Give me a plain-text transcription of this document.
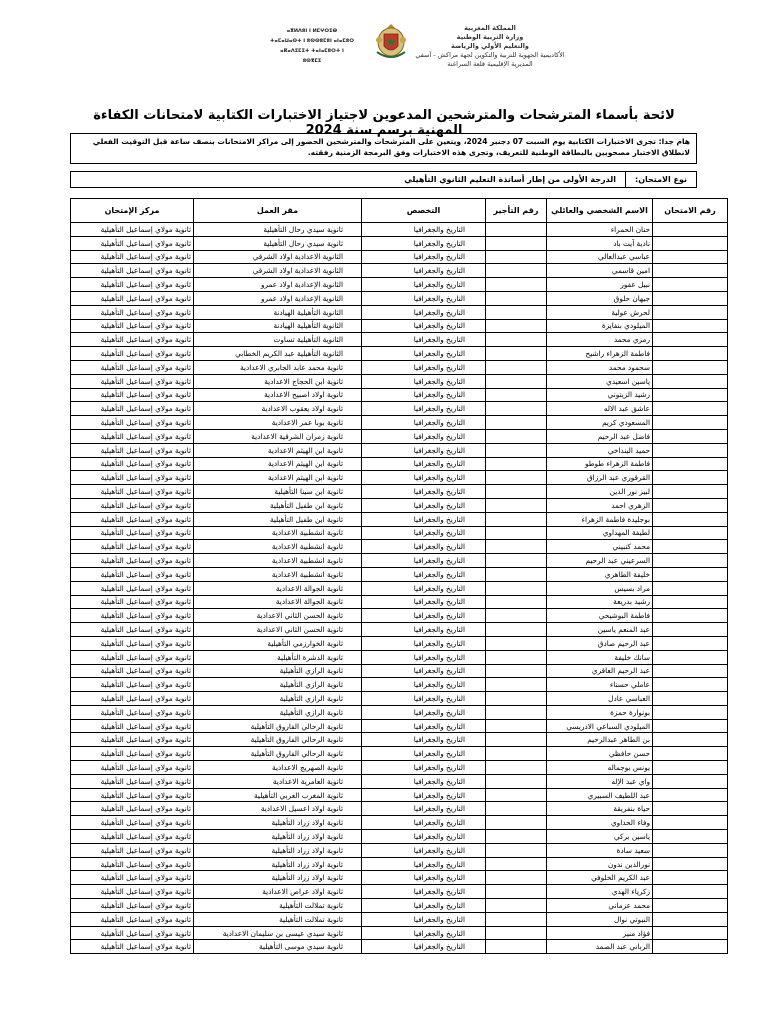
ⴰⴳⵍⴷⵓⵏ ⵏ ⵍⵎⵖⵔⵉⴱ
ⵜⴰⵎⴰⵡⴰⵙⵜ ⵏ ⵓⵙⵙⵓⵎⵓⵏ ⴰⵏⴰⵎⵓⵔ
ⴰⴽⴰⴷⵉⵎⵉⵜ ⵜⴰⵏⴰⵎⵓⵔⵜ ⵏ ⵓⵙⴳⵎⵉ
المملكة المغربية
وزارة التربية الوطنية
والتعليم الأولي والرياضة
الأكاديمية الجهوية للتربية والتكوين لجهة مراكش - آسفي
المديرية الإقليمية قلعة السراغنة
لائحة بأسماء المترشحات والمترشحين المدعوين لاجتياز الاختبارات الكتابية لامتحانات الكفاءة المهنية برسم سنة 2024
هام جدا: تجرى الاختبارات الكتابية يوم السبت 07 دجنبر 2024، ويتعين على المترشحات والمترشحين الحضور إلى مراكز الامتحانات بنصف ساعة قبل التوقيت الفعلي لانطلاق الاختبار مصحوبين بالبطاقة الوطنية للتعريف، وتجرى هذه الاختبارات وفق البرمجة الزمنية رفقته.
نوع الامتحان:
الدرجة الأولى من إطار أساتذة التعليم الثانوي التأهيلي
رقم الامتحان	الاسم الشخصي والعائلي	رقم التأجير	التخصص	مقر العمل	مركز الإمتحان
	حنان الحمراء		التاريخ والجغرافيا	ثانوية سيدي رحال التأهيلية	ثانوية مولاي إسماعيل التأهيلية
	نادية آيت باد		التاريخ والجغرافيا	ثانوية سيدي رحال التأهيلية	ثانوية مولاي إسماعيل التأهيلية
	عباسي عبدالعالي		التاريخ والجغرافيا	الثانوية الاعدادية اولاد الشرقي	ثانوية مولاي إسماعيل التأهيلية
	امين قاسمي		التاريخ والجغرافيا	الثانوية الاعدادية اولاد الشرقي	ثانوية مولاي إسماعيل التأهيلية
	نبيل عفور		التاريخ والجغرافيا	الثانوية الإعدادية اولاد عمرو	ثانوية مولاي إسماعيل التأهيلية
	جيهان حلوق		التاريخ والجغرافيا	الثانوية الإعدادية اولاد عمرو	ثانوية مولاي إسماعيل التأهيلية
	لحرش عولية		التاريخ والجغرافيا	الثانوية التأهيلية الهيادنة	ثانوية مولاي إسماعيل التأهيلية
	الميلودي بنفايزة		التاريخ والجغرافيا	الثانوية التأهيلية الهيادنة	ثانوية مولاي إسماعيل التأهيلية
	رمزي محمد		التاريخ والجغرافيا	الثانوية التأهيلية تساوت	ثانوية مولاي إسماعيل التأهيلية
	فاطمة الزهراء راشيح		التاريخ والجغرافيا	الثانوية التأهيلية عبد الكريم الخطابي	ثانوية مولاي إسماعيل التأهيلية
	سحمود محمد		التاريخ والجغرافيا	ثانوية محمد عابد الجابري الاعدادية	ثانوية مولاي إسماعيل التأهيلية
	ياسين اسعيدي		التاريخ والجغرافيا	ثانوية ابن الحجاج الاعدادية	ثانوية مولاي إسماعيل التأهيلية
	رشيد الزيتوني		التاريخ والجغرافيا	ثانوية اولاد اصبيح الاعدادية	ثانوية مولاي إسماعيل التأهيلية
	عاشق عبد الاله		التاريخ والجغرافيا	ثانوية اولاد يعقوب الاعدادية	ثانوية مولاي إسماعيل التأهيلية
	المسعودي كريم		التاريخ والجغرافيا	ثانوية بوبا عمر الاعدادية	ثانوية مولاي إسماعيل التأهيلية
	فاضل عبد الرحيم		التاريخ والجغرافيا	ثانوية زمران الشرقية الاعدادية	ثانوية مولاي إسماعيل التأهيلية
	حميد البنداخي		التاريخ والجغرافيا	ثانوية ابن الهيثم الاعدادية	ثانوية مولاي إسماعيل التأهيلية
	فاطمة الزهراء طوطو		التاريخ والجغرافيا	ثانوية ابن الهيثم الاعدادية	ثانوية مولاي إسماعيل التأهيلية
	القرقوري عبد الرزاق		التاريخ والجغرافيا	ثانوية ابن الهيثم الاعدادية	ثانوية مولاي إسماعيل التأهيلية
	لبيز نور الدين		التاريخ والجغرافيا	ثانوية ابن سينا التأهيلية	ثانوية مولاي إسماعيل التأهيلية
	الزهري احمد		التاريخ والجغرافيا	ثانوية ابن طفيل التأهيلية	ثانوية مولاي إسماعيل التأهيلية
	بوجليدة فاطمة الزهراء		التاريخ والجغرافيا	ثانوية ابن طفيل التأهيلية	ثانوية مولاي إسماعيل التأهيلية
	لطيفة المهداوي		التاريخ والجغرافيا	ثانوية انشطبية الاعدادية	ثانوية مولاي إسماعيل التأهيلية
	محمد كتبيني		التاريخ والجغرافيا	ثانوية انشطبية الاعدادية	ثانوية مولاي إسماعيل التأهيلية
	السرعيني عبد الرحيم		التاريخ والجغرافيا	ثانوية انشطبية الاعدادية	ثانوية مولاي إسماعيل التأهيلية
	خليفة الطاهري		التاريخ والجغرافيا	ثانوية انشطبية الاعدادية	ثانوية مولاي إسماعيل التأهيلية
	مراد بسيس		التاريخ والجغرافيا	ثانوية الجوالة الاعدادية	ثانوية مولاي إسماعيل التأهيلية
	رشيد بدريعة		التاريخ والجغرافيا	ثانوية الجوالة الاعدادية	ثانوية مولاي إسماعيل التأهيلية
	فاطمة البوشيحي		التاريخ والجغرافيا	ثانوية الحسن الثاني الاعدادية	ثانوية مولاي إسماعيل التأهيلية
	عبد المنعم ياسين		التاريخ والجغرافيا	ثانوية الحسن الثاني الاعدادية	ثانوية مولاي إسماعيل التأهيلية
	عبد الرحيم صادق		التاريخ والجغرافيا	ثانوية الخوارزمي التأهيلية	ثانوية مولاي إسماعيل التأهيلية
	سانك خليفة		التاريخ والجغرافيا	ثانوية الدشرة التأهيلية	ثانوية مولاي إسماعيل التأهيلية
	عبد الرحيم العاقري		التاريخ والجغرافيا	ثانوية الرازي التأهيلية	ثانوية مولاي إسماعيل التأهيلية
	عاملي حسناء		التاريخ والجغرافيا	ثانوية الرازي التأهيلية	ثانوية مولاي إسماعيل التأهيلية
	العباسي عادل		التاريخ والجغرافيا	ثانوية الرازي التأهيلية	ثانوية مولاي إسماعيل التأهيلية
	بونوارة حمزة		التاريخ والجغرافيا	ثانوية الرازي التأهيلية	ثانوية مولاي إسماعيل التأهيلية
	الميلودي السباعي الادريسي		التاريخ والجغرافيا	ثانوية الرحالي الفاروق التأهيلية	ثانوية مولاي إسماعيل التأهيلية
	بن الطاهر عبدالرحيم		التاريخ والجغرافيا	ثانوية الرحالي الفاروق التأهيلية	ثانوية مولاي إسماعيل التأهيلية
	حسن حافظي		التاريخ والجغرافيا	ثانوية الرحالي الفاروق التأهيلية	ثانوية مولاي إسماعيل التأهيلية
	يونس بوجماله		التاريخ والجغرافيا	ثانوية الصهريج الاعدادية	ثانوية مولاي إسماعيل التأهيلية
	واي عبد الإله		التاريخ والجغرافيا	ثانوية العامرية الاعدادية	ثانوية مولاي إسماعيل التأهيلية
	عبد اللطيف السبيري		التاريخ والجغرافيا	ثانوية المغرب العربي التأهيلية	ثانوية مولاي إسماعيل التأهيلية
	حياة بنفريقة		التاريخ والجغرافيا	ثانوية اولاد اعسيل الاعدادية	ثانوية مولاي إسماعيل التأهيلية
	وفاء الحداوي		التاريخ والجغرافيا	ثانوية اولاد زراد التأهيلية	ثانوية مولاي إسماعيل التأهيلية
	ياسين بركي		التاريخ والجغرافيا	ثانوية اولاد زراد التأهيلية	ثانوية مولاي إسماعيل التأهيلية
	سعيد سادة		التاريخ والجغرافيا	ثانوية اولاد زراد التأهيلية	ثانوية مولاي إسماعيل التأهيلية
	نورالدين ندون		التاريخ والجغرافيا	ثانوية اولاد زراد التأهيلية	ثانوية مولاي إسماعيل التأهيلية
	عبد الكريم الخلوفي		التاريخ والجغرافيا	ثانوية اولاد زراد التأهيلية	ثانوية مولاي إسماعيل التأهيلية
	زكرياء الهدي		التاريخ والجغرافيا	ثانوية اولاد عراص الاعدادية	ثانوية مولاي إسماعيل التأهيلية
	محمد عزماني		التاريخ والجغرافيا	ثانوية تملالت التأهيلية	ثانوية مولاي إسماعيل التأهيلية
	النبوتي نوال		التاريخ والجغرافيا	ثانوية تملالت التأهيلية	ثانوية مولاي إسماعيل التأهيلية
	فؤاد منير		التاريخ والجغرافيا	ثانوية سيدي عيسى بن سليمان الاعدادية	ثانوية مولاي إسماعيل التأهيلية
	الرباني عبد الصمد		التاريخ والجغرافيا	ثانوية سيدي موسى التأهيلية	ثانوية مولاي إسماعيل التأهيلية
